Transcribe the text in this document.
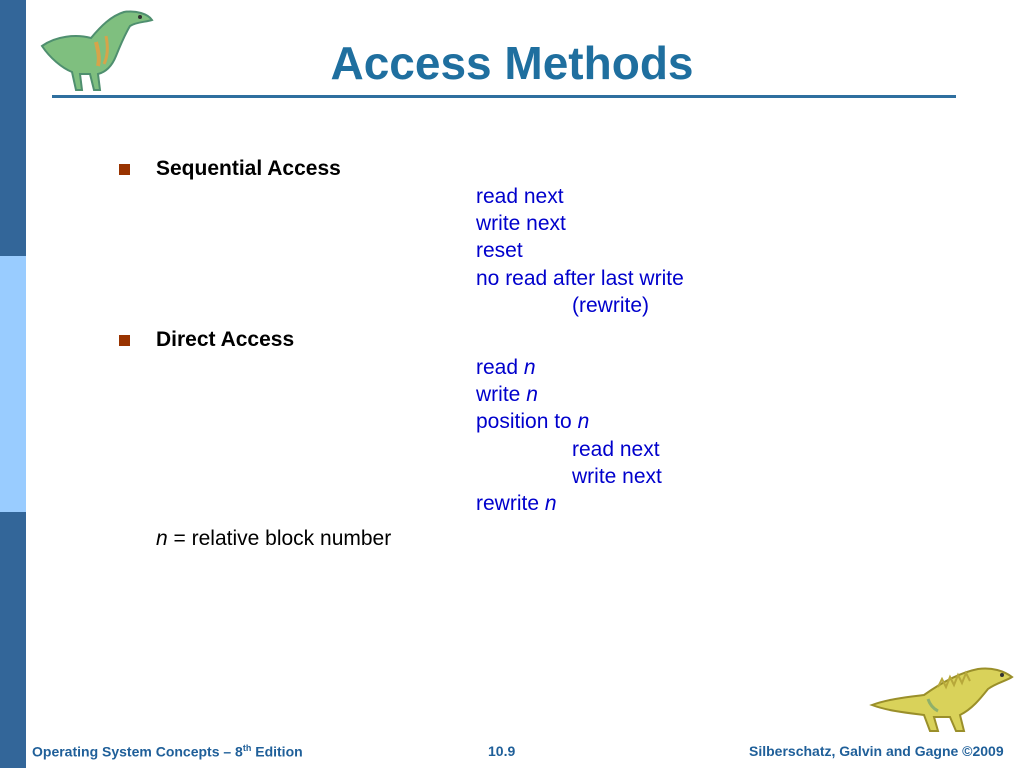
Access Methods
Sequential Access
read next
write next
reset
no read after last write
(rewrite)
Direct Access
read n
write n
position to n
read next
write next
rewrite n
n = relative block number
Operating System Concepts – 8th Edition	10.9	Silberschatz, Galvin and Gagne ©2009
